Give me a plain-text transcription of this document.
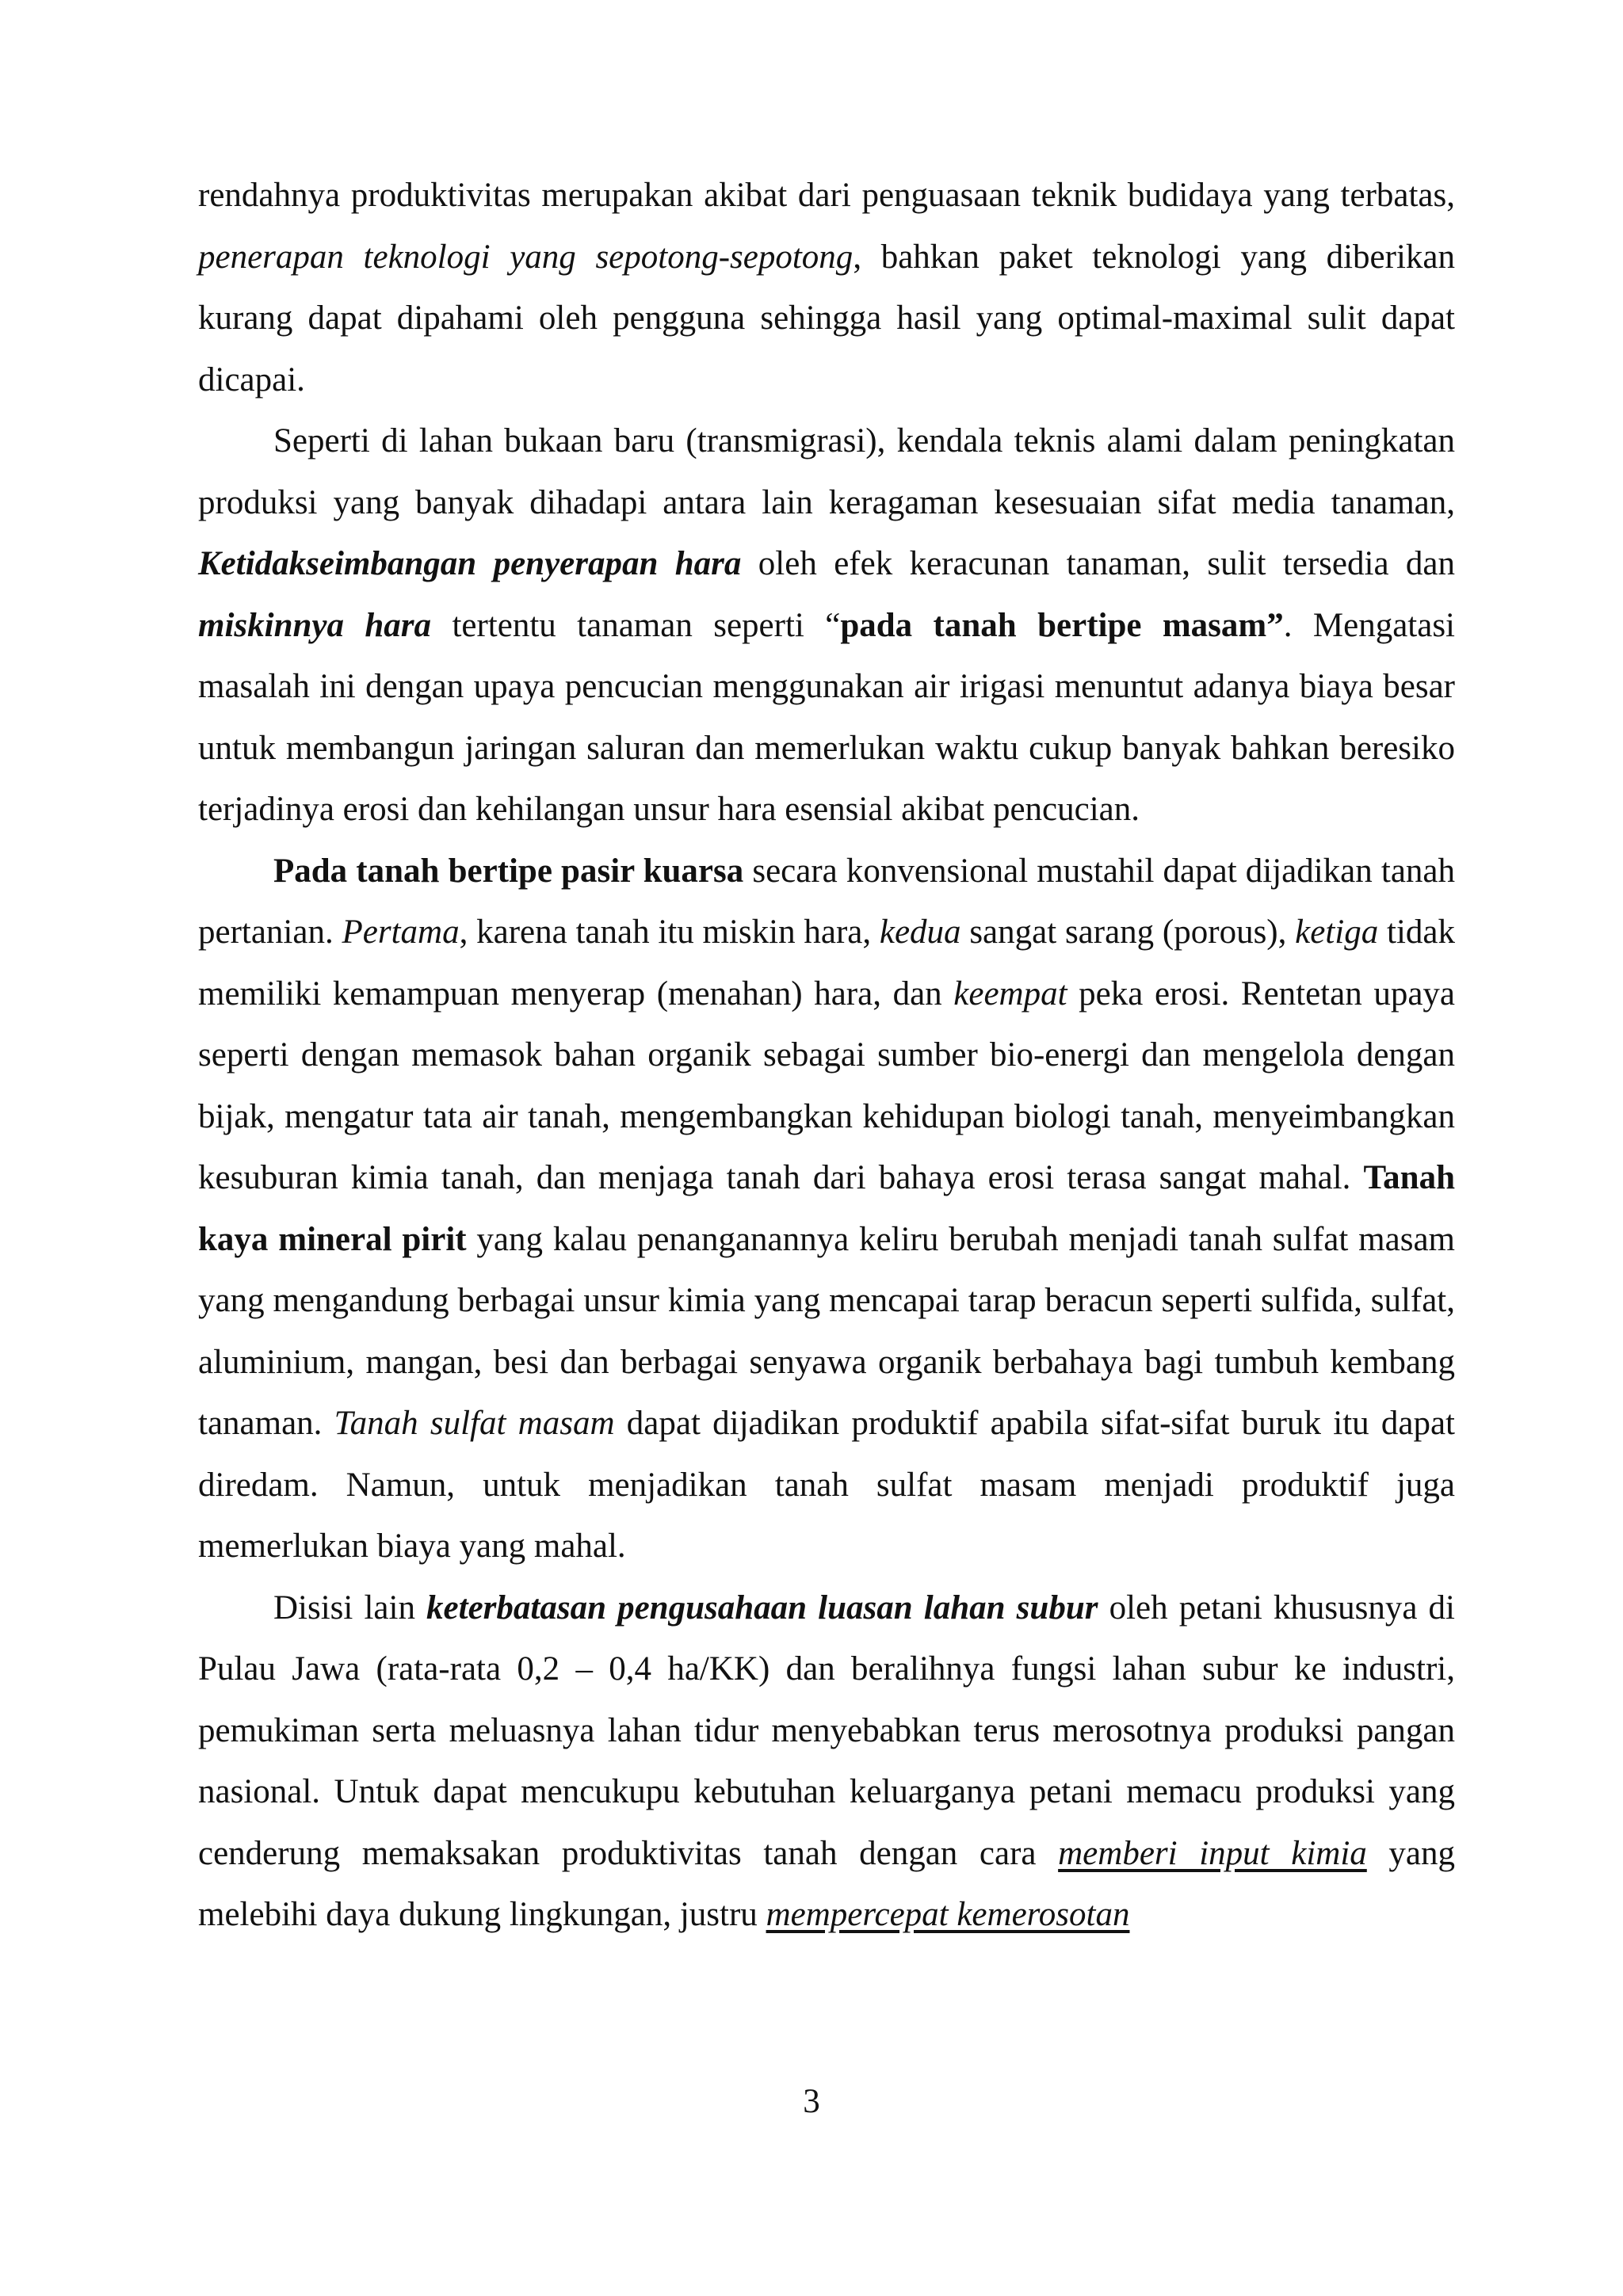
rendahnya produktivitas merupakan akibat dari penguasaan teknik budidaya yang terbatas, penerapan teknologi yang sepotong-sepotong, bahkan paket teknologi yang diberikan kurang dapat dipahami oleh pengguna sehingga hasil yang optimal-maximal sulit dapat dicapai.

Seperti di lahan bukaan baru (transmigrasi), kendala teknis alami dalam peningkatan produksi yang banyak dihadapi antara lain keragaman kesesuaian sifat media tanaman, Ketidakseimbangan penyerapan hara oleh efek keracunan tanaman, sulit tersedia dan miskinnya hara tertentu tanaman seperti “pada tanah bertipe masam”. Mengatasi masalah ini dengan upaya pencucian menggunakan air irigasi menuntut adanya biaya besar untuk membangun jaringan saluran dan memerlukan waktu cukup banyak bahkan beresiko terjadinya erosi dan kehilangan unsur hara esensial akibat pencucian.

Pada tanah bertipe pasir kuarsa secara konvensional mustahil dapat dijadikan tanah pertanian. Pertama, karena tanah itu miskin hara, kedua sangat sarang (porous), ketiga tidak memiliki kemampuan menyerap (menahan) hara, dan keempat peka erosi. Rentetan upaya seperti dengan memasok bahan organik sebagai sumber bio-energi dan mengelola dengan bijak, mengatur tata air tanah, mengembangkan kehidupan biologi tanah, menyeimbangkan kesuburan kimia tanah, dan menjaga tanah dari bahaya erosi terasa sangat mahal. Tanah kaya mineral pirit yang kalau penanganannya keliru berubah menjadi tanah sulfat masam yang mengandung berbagai unsur kimia yang mencapai tarap beracun seperti sulfida, sulfat, aluminium, mangan, besi dan berbagai senyawa organik berbahaya bagi tumbuh kembang tanaman. Tanah sulfat masam dapat dijadikan produktif apabila sifat-sifat buruk itu dapat diredam. Namun, untuk menjadikan tanah sulfat masam menjadi produktif juga memerlukan biaya yang mahal.

Disisi lain keterbatasan pengusahaan luasan lahan subur oleh petani khususnya di Pulau Jawa (rata-rata 0,2 – 0,4 ha/KK) dan beralihnya fungsi lahan subur ke industri, pemukiman serta meluasnya lahan tidur menyebabkan terus merosotnya produksi pangan nasional. Untuk dapat mencukupu kebutuhan keluarganya petani memacu produksi yang cenderung memaksakan produktivitas tanah dengan cara memberi input kimia yang melebihi daya dukung lingkungan, justru mempercepat kemerosotan

3
